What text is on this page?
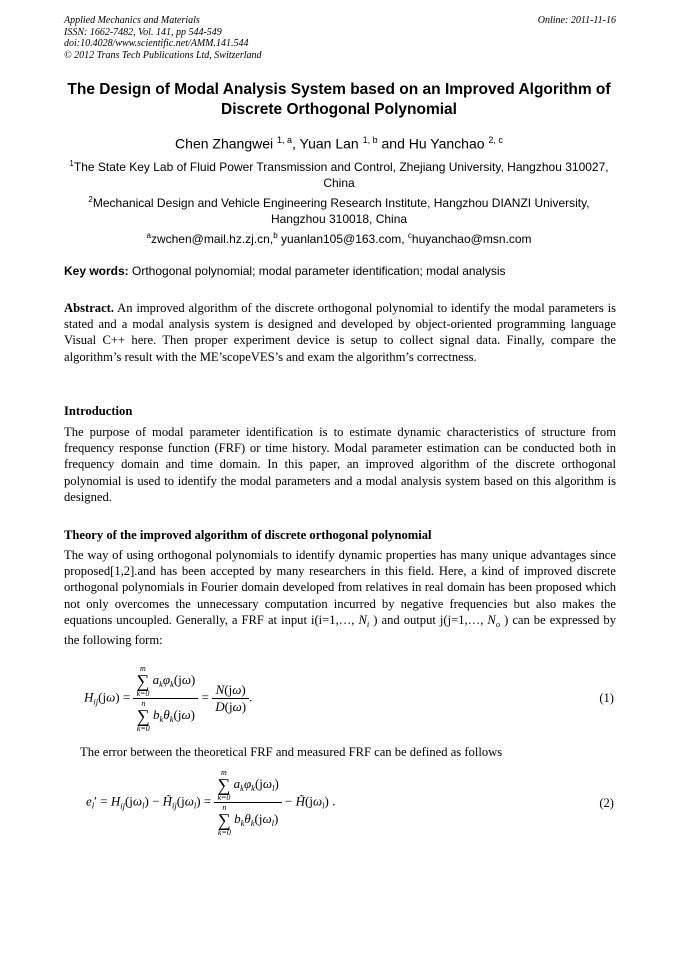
Applied Mechanics and Materials
ISSN: 1662-7482, Vol. 141, pp 544-549
doi:10.4028/www.scientific.net/AMM.141.544
© 2012 Trans Tech Publications Ltd, Switzerland
Online: 2011-11-16
The Design of Modal Analysis System based on an Improved Algorithm of Discrete Orthogonal Polynomial
Chen Zhangwei $^{1, a}$, Yuan Lan $^{1, b}$ and Hu Yanchao $^{2, c}$
$^1$The State Key Lab of Fluid Power Transmission and Control, Zhejiang University, Hangzhou 310027, China
$^2$Mechanical Design and Vehicle Engineering Research Institute, Hangzhou DIANZI University, Hangzhou 310018, China
$^a$zwchen@mail.hz.zj.cn,$^b$ yuanlan105@163.com, $^c$huyanchao@msn.com
Key words: Orthogonal polynomial; modal parameter identification; modal analysis
Abstract. An improved algorithm of the discrete orthogonal polynomial to identify the modal parameters is stated and a modal analysis system is designed and developed by object-oriented programming language Visual C++ here. Then proper experiment device is setup to collect signal data. Finally, compare the algorithm’s result with the ME’scopeVES’s and exam the algorithm’s correctness.
Introduction
The purpose of modal parameter identification is to estimate dynamic characteristics of structure from frequency response function (FRF) or time history. Modal parameter estimation can be conducted both in frequency domain and time domain. In this paper, an improved algorithm of the discrete orthogonal polynomial is used to identify the modal parameters and a modal analysis system based on this algorithm is designed.
Theory of the improved algorithm of discrete orthogonal polynomial
The way of using orthogonal polynomials to identify dynamic properties has many unique advantages since proposed[1,2].and has been accepted by many researchers in this field. Here, a kind of improved discrete orthogonal polynomials in Fourier domain developed from relatives in real domain has been proposed which not only overcomes the unnecessary computation incurred by negative frequencies but also makes the equations uncoupled. Generally, a FRF at input i(i=1,…, $N_i$ ) and output j(j=1,…, $N_o$ ) can be expressed by the following form:
$H_{ij}(j\omega) = m$
∑
k=0
$a_k\varphi_k(j\omega)$
n
∑
k=0
$b_k\theta_k(j\omega) = \frac{N(j\omega)}{D(j\omega)}$ .	(1)
The error between the theoretical FRF and measured FRF can be defined as follows
$e_l' = H_{ij}(j\omega_l)$ − $H̃_{ij}(j\omega_l) = m$
∑
k=0
$a_k\varphi_k(j\omega_l)$
n
∑
k=0
$b_k\theta_k(j\omega_l)$ − $H̃(j\omega_l)$ .	(2)
